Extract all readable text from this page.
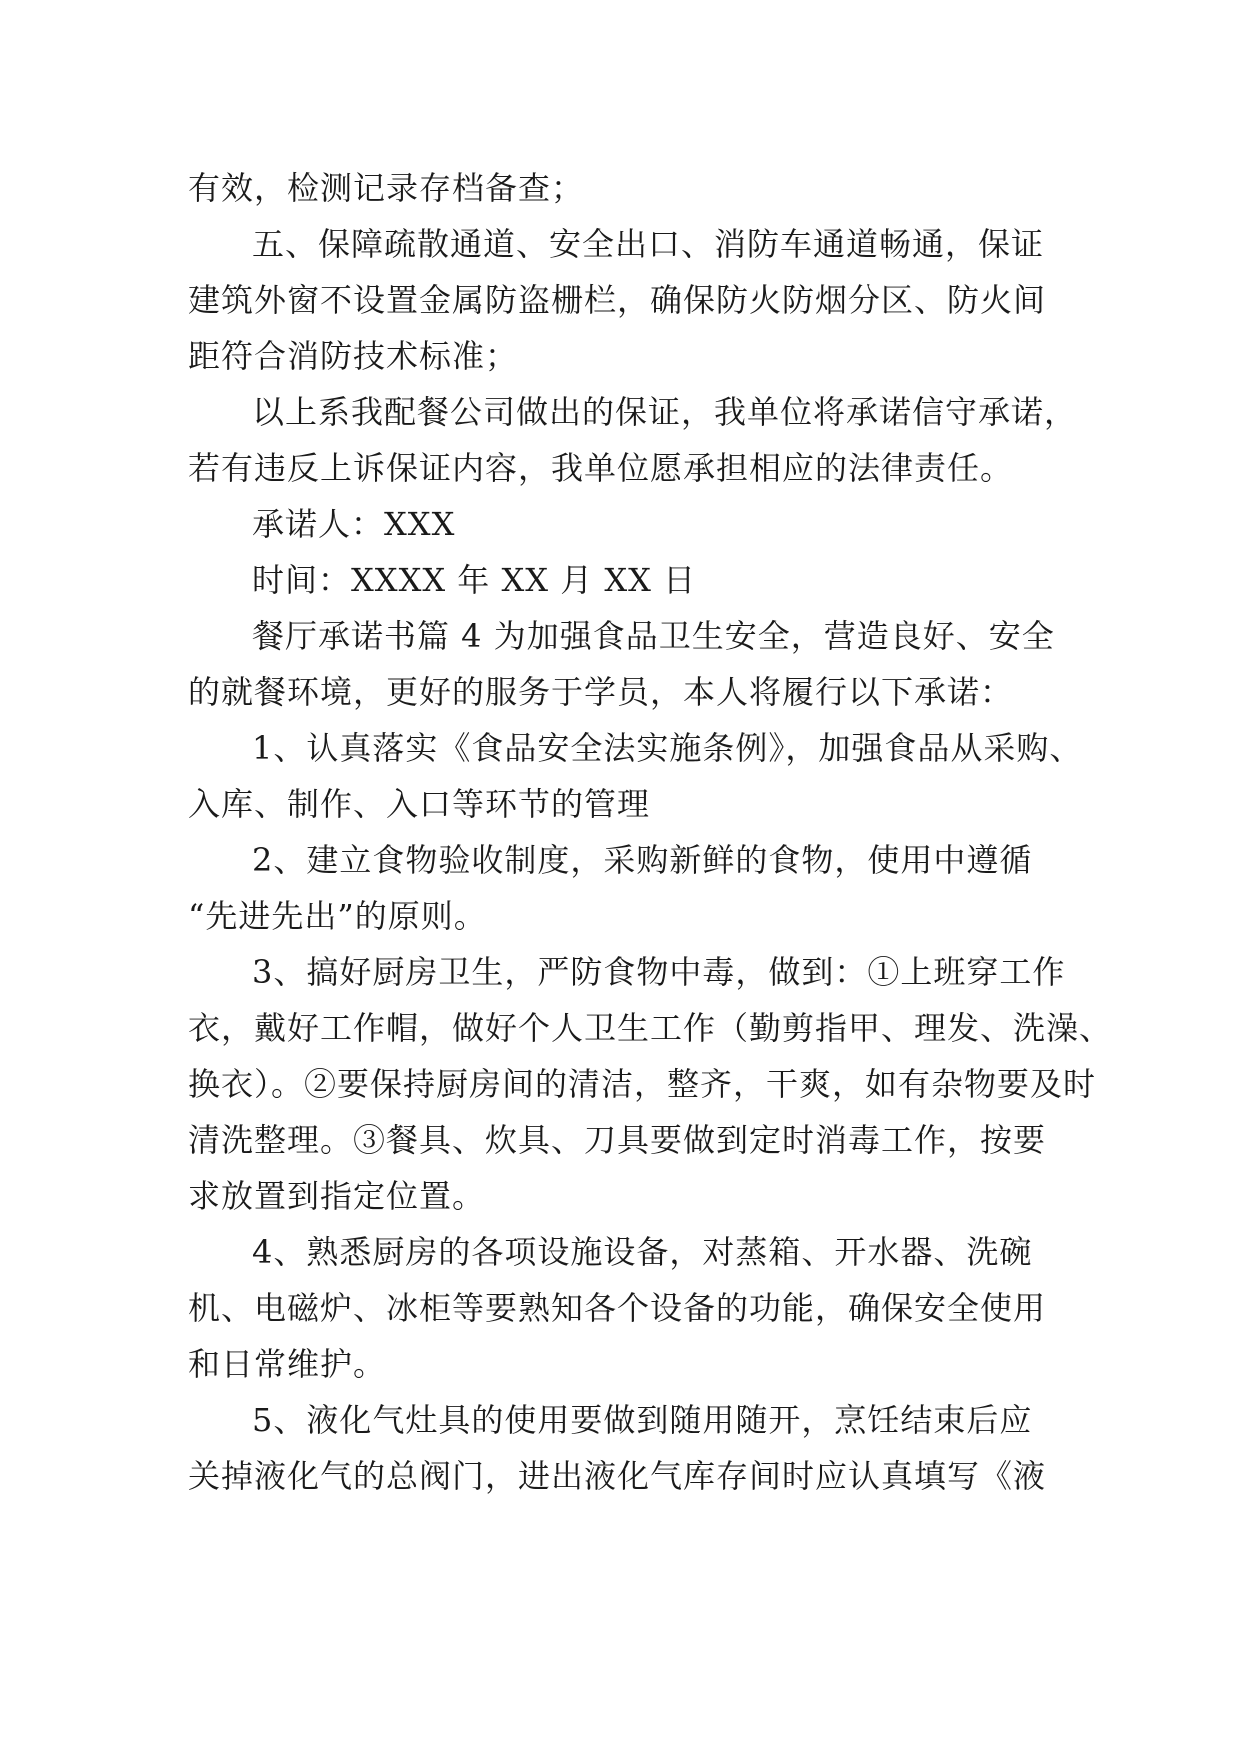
有效，检测记录存档备查；
五、保障疏散通道、安全出口、消防车通道畅通，保证
建筑外窗不设置金属防盗栅栏，确保防火防烟分区、防火间
距符合消防技术标准；
以上系我配餐公司做出的保证，我单位将承诺信守承诺，
若有违反上诉保证内容，我单位愿承担相应的法律责任。
承诺人：XXX
时间：XXXX 年 XX 月 XX 日
餐厅承诺书篇 4 为加强食品卫生安全，营造良好、安全
的就餐环境，更好的服务于学员，本人将履行以下承诺：
1、认真落实《食品安全法实施条例》，加强食品从采购、
入库、制作、入口等环节的管理
2、建立食物验收制度，采购新鲜的食物，使用中遵循
“先进先出”的原则。
3、搞好厨房卫生，严防食物中毒，做到：①上班穿工作
衣，戴好工作帽，做好个人卫生工作（勤剪指甲、理发、洗澡、
换衣）。②要保持厨房间的清洁，整齐，干爽，如有杂物要及时
清洗整理。③餐具、炊具、刀具要做到定时消毒工作，按要
求放置到指定位置。
4、熟悉厨房的各项设施设备，对蒸箱、开水器、洗碗
机、电磁炉、冰柜等要熟知各个设备的功能，确保安全使用
和日常维护。
5、液化气灶具的使用要做到随用随开，烹饪结束后应
关掉液化气的总阀门，进出液化气库存间时应认真填写《液
